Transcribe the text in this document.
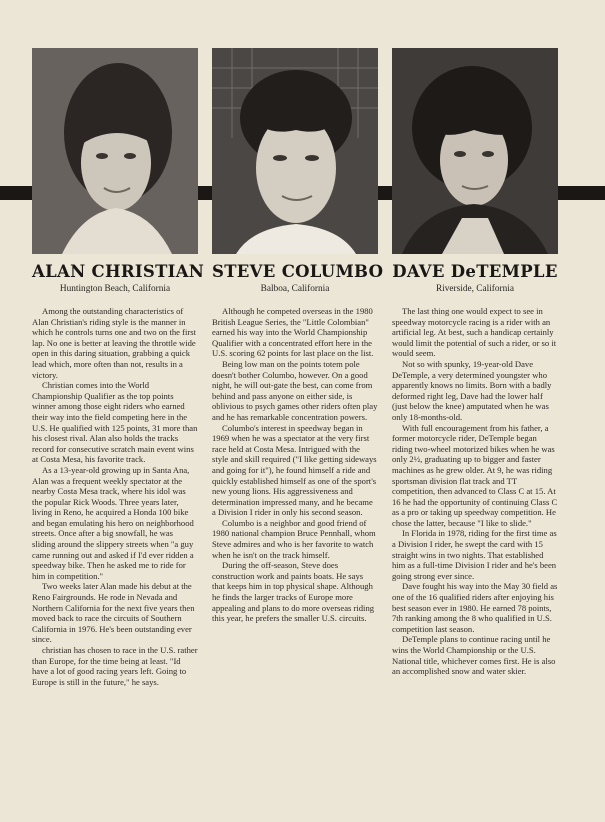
ALAN CHRISTIAN
Huntington Beach, California

Among the outstanding characteristics of Alan Christian's riding style is the manner in which he controls turns one and two on the first lap. No one is better at leaving the throttle wide open in this daring situation, grabbing a quick lead which, more often than not, results in a victory.

Christian comes into the World Championship Qualifier as the top points winner among those eight riders who earned their way into the field competing here in the U.S. He qualified with 125 points, 31 more than his closest rival. Alan also holds the tracks record for consecutive scratch main event wins at Costa Mesa, his favorite track.

As a 13-year-old growing up in Santa Ana, Alan was a frequent weekly spectator at the nearby Costa Mesa track, where his idol was the popular Rick Woods. Three years later, living in Reno, he acquired a Honda 100 bike and began emulating his hero on neighborhood streets. Once after a big snowfall, he was sliding around the slippery streets when "a guy came running out and asked if I'd ever ridden a speedway bike. Then he asked me to ride for him in competition."

Two weeks later Alan made his debut at the Reno Fairgrounds. He rode in Nevada and Northern California for the next five years then moved back to race the circuits of Southern California in 1976. He's been outstanding ever since.

christian has chosen to race in the U.S. rather than Europe, for the time being at least. "Id have a lot of good racing years left. Going to Europe is still in the future," he says.

STEVE COLUMBO
Balboa, California

Although he competed overseas in the 1980 British League Series, the "Little Colombian" earned his way into the World Championship Qualifier with a concentrated effort here in the U.S. scoring 62 points for last place on the list.

Being low man on the points totem pole doesn't bother Columbo, however. On a good night, he will out-gate the best, can come from behind and pass anyone on either side, is oblivious to psych games other riders often play and he has remarkable concentration powers.

Columbo's interest in speedway began in 1969 when he was a spectator at the very first race held at Costa Mesa. Intrigued with the style and skill required ("I like getting sideways and going for it"), he found himself a ride and quickly established himself as one of the sport's new young lions. His aggressiveness and determination impressed many, and he became a Division I rider in only his second season.

Columbo is a neighbor and good friend of 1980 national champion Bruce Pennhall, whom Steve admires and who is her favorite to watch when he isn't on the track himself.

During the off-season, Steve does construction work and paints boats. He says that keeps him in top physical shape. Although he finds the larger tracks of Europe more appealing and plans to do more overseas riding this year, he prefers the smaller U.S. circuits.

DAVE DeTEMPLE
Riverside, California

The last thing one would expect to see in speedway motorcycle racing is a rider with an artificial leg. At best, such a handicap certainly would limit the potential of such a rider, or so it would seem.

Not so with spunky, 19-year-old Dave DeTemple, a very determined youngster who apparently knows no limits. Born with a badly deformed right leg, Dave had the lower half (just below the knee) amputated when he was only 18-months-old.

With full encouragement from his father, a former motorcycle rider, DeTemple began riding two-wheel motorized bikes when he was only 2½, graduating up to bigger and faster machines as he grew older. At 9, he was riding sportsman division flat track and TT competition, then advanced to Class C at 15. At 16 he had the opportunity of continuing Class C as a pro or taking up speedway competition. He chose the latter, because "I like to slide."

In Florida in 1978, riding for the first time as a Division I rider, he swept the card with 15 straight wins in two nights. That established him as a full-time Division I rider and he's been going strong ever since.

Dave fought his way into the May 30 field as one of the 16 qualified riders after enjoying his best season ever in 1980. He earned 78 points, 7th ranking among the 8 who qualified in U.S. competition last season.

DeTemple plans to continue racing until he wins the World Championship or the U.S. National title, whichever comes first. He is also an accomplished snow and water skier.
